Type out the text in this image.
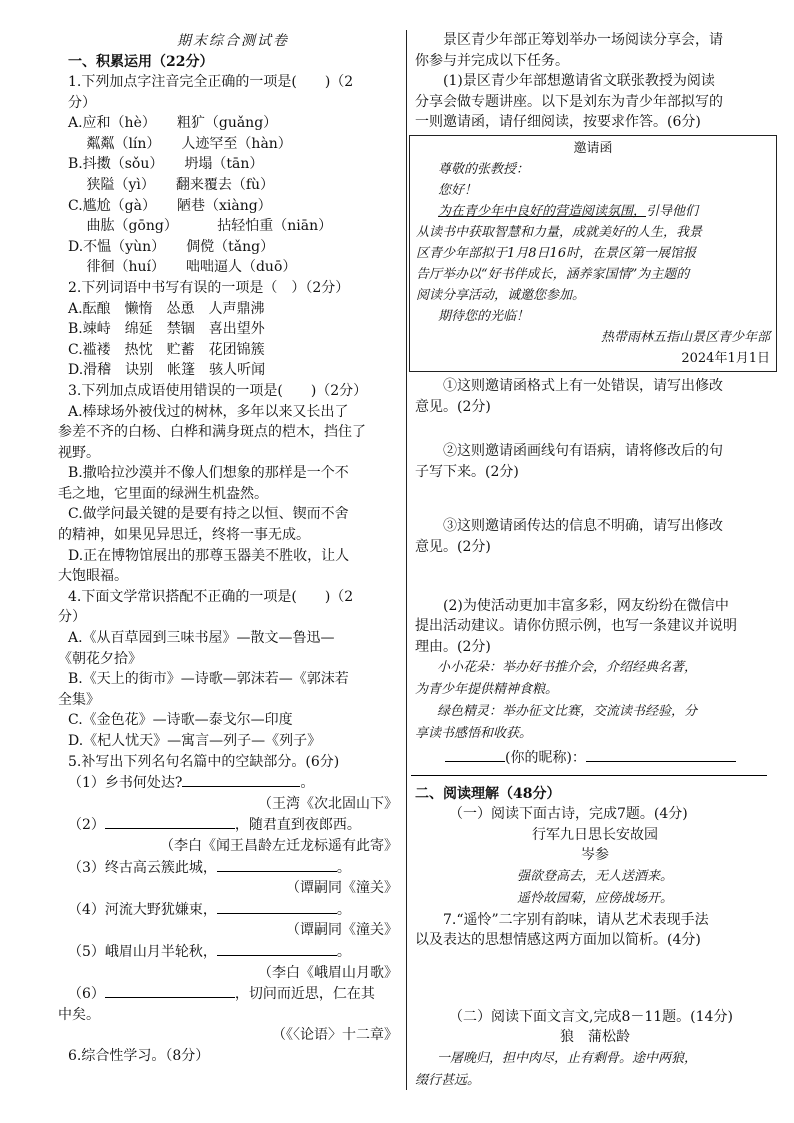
期末综合测试卷
一、积累运用（22分）
1.下列加点字注音完全正确的一项是(　　)（2
分）
A.应和（hè）　　粗犷（guǎng）
　 粼粼（lín）　　人迹罕至（hàn）
B.抖擞（sǒu）　　坍塌（tān）
　 狭隘（yì）　　翻来覆去（fù）
C.尴尬（gà）　　陋巷（xiàng）
　 曲肱（gōng）　　　 拈轻怕重（niān）
D.不愠（yùn）　　倜傥（tǎng）
　 徘徊（huí）　　咄咄逼人（duō）
2.下列词语中书写有误的一项是（　）（2分）
A.酝酿　懒惰　怂恿　人声鼎沸
B.竦峙　绵延　禁锢　喜出望外
C.褴褛　热忱　贮蓄　花团锦簇
D.滑稽　诀别　帐篷　骇人听闻
3.下列加点成语使用错误的一项是(　　)（2分）
A.棒球场外被伐过的树林，多年以来又长出了
参差不齐的白杨、白桦和满身斑点的桤木，挡住了
视野。
B.撒哈拉沙漠并不像人们想象的那样是一个不
毛之地，它里面的绿洲生机盎然。
C.做学问最关键的是要有持之以恒、锲而不舍
的精神，如果见异思迁，终将一事无成。
D.正在博物馆展出的那尊玉器美不胜收，让人
大饱眼福。
4.下面文学常识搭配不正确的一项是(　　)（2
分）
A.《从百草园到三味书屋》—散文—鲁迅—
《朝花夕拾》
B.《天上的街市》—诗歌—郭沫若—《郭沫若
全集》
C.《金色花》—诗歌—泰戈尔—印度
D.《杞人忧天》—寓言—列子—《列子》
5.补写出下列名句名篇中的空缺部分。(6分)
（1）乡书何处达?	。
（王湾《次北固山下》
（2）	，随君直到夜郎西。
（李白《闻王昌龄左迁龙标遥有此寄》
（3）终古高云簇此城，	。
（谭嗣同《潼关》
（4）河流大野犹嫌束，	。
（谭嗣同《潼关》
（5）峨眉山月半轮秋，	。
（李白《峨眉山月歌》
（6）	，切问而近思，仁在其
中矣。
（《〈论语〉十二章》
6.综合性学习。（8分）
景区青少年部正筹划举办一场阅读分享会，请
你参与并完成以下任务。
(1)景区青少年部想邀请省文联张教授为阅读
分享会做专题讲座。以下是刘东为青少年部拟写的
一则邀请函，请仔细阅读，按要求作答。(6分)
邀请函
尊敬的张教授：
您好！
为在青少年中良好的营造阅读氛围，引导他们
从读书中获取智慧和力量，成就美好的人生，我景
区青少年部拟于1月8日16时，在景区第一展馆报
告厅举办以“好书伴成长，涵养家国情”为主题的
阅读分享活动，诚邀您参加。
期待您的光临！
热带雨林五指山景区青少年部
2024年1月1日
①这则邀请函格式上有一处错误，请写出修改
意见。(2分)
②这则邀请函画线句有语病，请将修改后的句
子写下来。(2分)
③这则邀请函传达的信息不明确，请写出修改
意见。(2分)
(2)为使活动更加丰富多彩，网友纷纷在微信中
提出活动建议。请你仿照示例，也写一条建议并说明
理由。(2分)
小小花朵：举办好书推介会，介绍经典名著，
为青少年提供精神食粮。
绿色精灵：举办征文比赛，交流读书经验，分
享读书感悟和收获。
(你的昵称)：
二、阅读理解（48分）
（一）阅读下面古诗，完成7题。(4分)
行军九日思长安故园
岑参
强欲登高去，无人送酒来。
遥怜故园菊，应傍战场开。
7.“遥怜”二字别有韵味，请从艺术表现手法
以及表达的思想情感这两方面加以简析。(4分)
（二）阅读下面文言文,完成8－11题。(14分)
狼　蒲松龄
一屠晚归，担中肉尽，止有剩骨。途中两狼，
缀行甚远。
